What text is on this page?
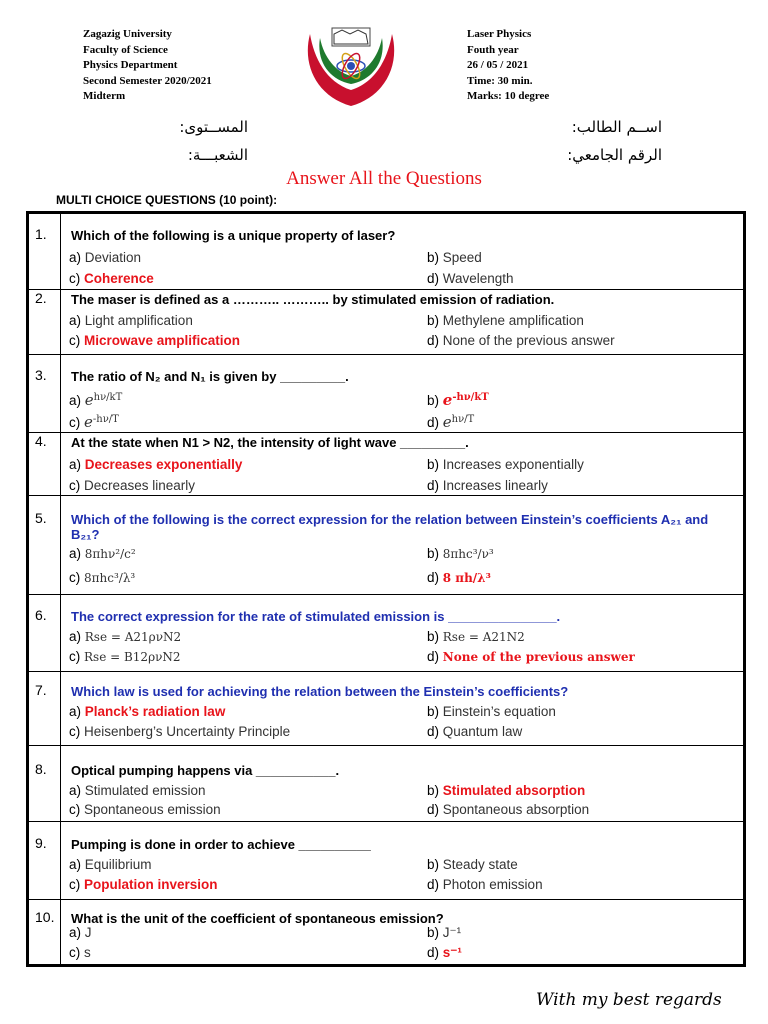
Zagazig University
Faculty of Science
Physics Department
Second Semester 2020/2021
Midterm
Laser Physics
Fouth year
26 / 05 / 2021
Time: 30 min.
Marks: 10 degree
اســم الطالب:
المســتوى:
الرقم الجامعي:
الشعبـــة:
Answer All the Questions
MULTI CHOICE QUESTIONS (10 point):
1. Which of the following is a unique property of laser?
a) Deviation	b) Speed
c) Coherence	d) Wavelength
2. The maser is defined as a ……….. ……….. by stimulated emission of radiation.
a) Light amplification	b) Methylene amplification
c) Microwave amplification	d) None of the previous answer
3. The ratio of N₂ and N₁ is given by _________.
a) $e^{h\nu/kT}$	b) $e^{-h\nu/kT}$
c) $e^{-h\nu/T}$	d) $e^{h\nu/T}$
4. At the state when N1 > N2, the intensity of light wave _________.
a) Decreases exponentially	b) Increases exponentially
c) Decreases linearly	d) Increases linearly
5. Which of the following is the correct expression for the relation between Einstein’s coefficients A₂₁ and B₂₁?
a) 8πhν²/c²	b) 8πhc³/ν³
c) 8πhc³/λ³	d) 8 πh/λ³
6. The correct expression for the rate of stimulated emission is _______________.
a) Rse = A21ρνN2	b) Rse = A21N2
c) Rse = B12ρνN2	d) None of the previous answer
7. Which law is used for achieving the relation between the Einstein’s coefficients?
a) Planck’s radiation law	b) Einstein’s equation
c) Heisenberg’s Uncertainty Principle	d) Quantum law
8. Optical pumping happens via ___________.
a) Stimulated emission	b) Stimulated absorption
c) Spontaneous emission	d) Spontaneous absorption
9. Pumping is done in order to achieve __________
a) Equilibrium	b) Steady state
c) Population inversion	d) Photon emission
10. What is the unit of the coefficient of spontaneous emission?
a) J	b) J⁻¹
c) s	d) s⁻¹
With my best regards
